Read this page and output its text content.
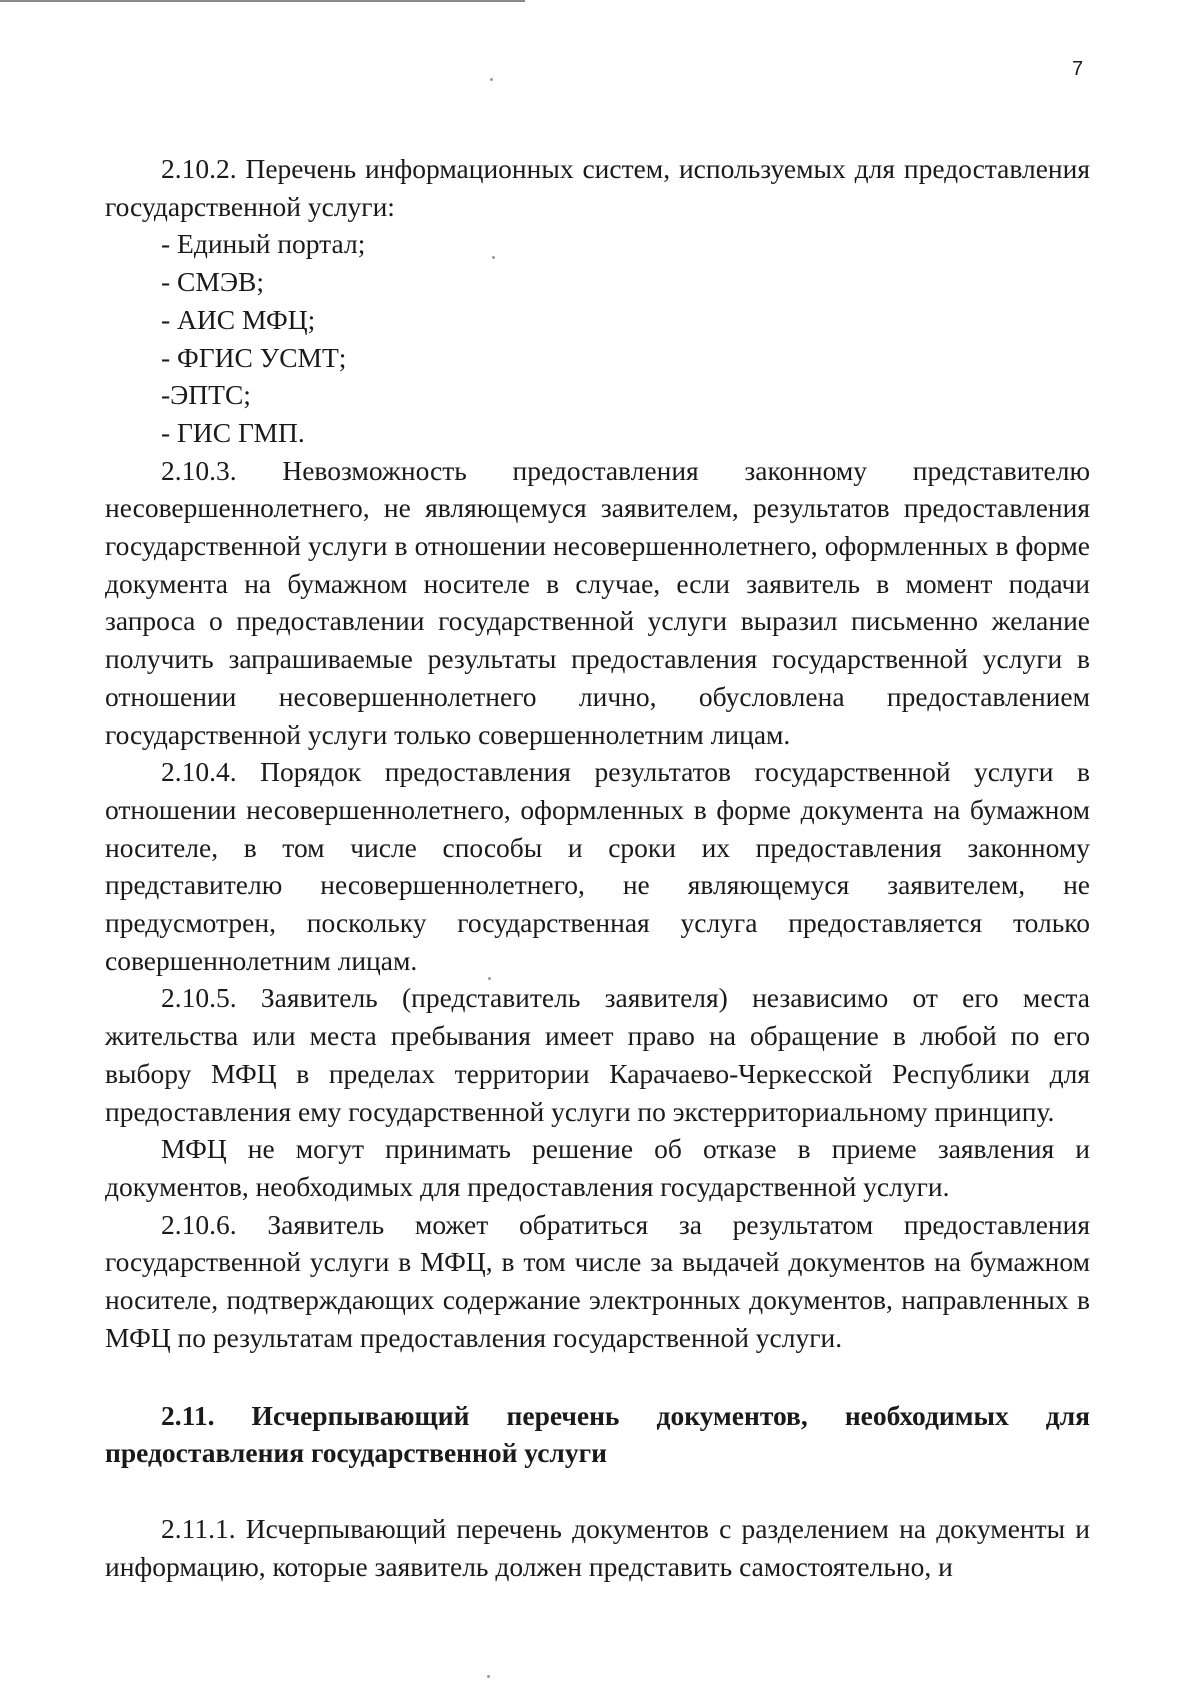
7

2.10.2. Перечень информационных систем, используемых для предоставления государственной услуги:

- Единый портал;

- СМЭВ;

- АИС МФЦ;

- ФГИС УСМТ;

-ЭПТС;

- ГИС ГМП.

2.10.3. Невозможность предоставления законному представителю несовершеннолетнего, не являющемуся заявителем, результатов предоставления государственной услуги в отношении несовершеннолетнего, оформленных в форме документа на бумажном носителе в случае, если заявитель в момент подачи запроса о предоставлении государственной услуги выразил письменно желание получить запрашиваемые результаты предоставления государственной услуги в отношении несовершеннолетнего лично, обусловлена предоставлением государственной услуги только совершеннолетним лицам.

2.10.4. Порядок предоставления результатов государственной услуги в отношении несовершеннолетнего, оформленных в форме документа на бумажном носителе, в том числе способы и сроки их предоставления законному представителю несовершеннолетнего, не являющемуся заявителем, не предусмотрен, поскольку государственная услуга предоставляется только совершеннолетним лицам.

2.10.5. Заявитель (представитель заявителя) независимо от его места жительства или места пребывания имеет право на обращение в любой по его выбору МФЦ в пределах территории Карачаево-Черкесской Республики для предоставления ему государственной услуги по экстерриториальному принципу.

МФЦ не могут принимать решение об отказе в приеме заявления и документов, необходимых для предоставления государственной услуги.

2.10.6. Заявитель может обратиться за результатом предоставления государственной услуги в МФЦ, в том числе за выдачей документов на бумажном носителе, подтверждающих содержание электронных документов, направленных в МФЦ по результатам предоставления государственной услуги.

2.11. Исчерпывающий перечень документов, необходимых для предоставления государственной услуги

2.11.1. Исчерпывающий перечень документов с разделением на документы и информацию, которые заявитель должен представить самостоятельно, и
